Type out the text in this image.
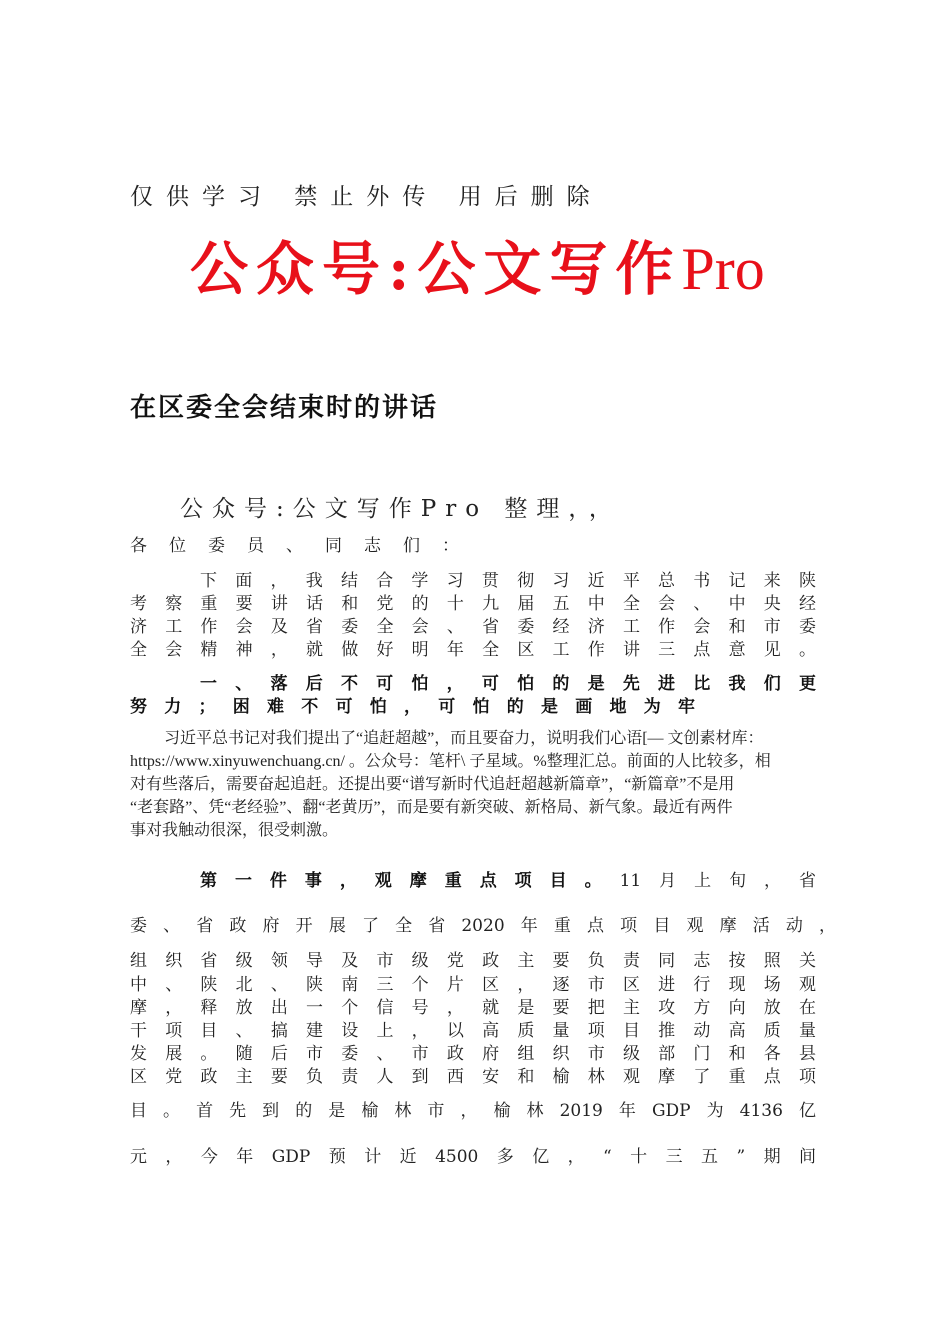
仅供学习 禁止外传 用后删除
公众号:公文写作Pro
在区委全会结束时的讲话
公众号:公文写作Pro 整理，，
各位委员、同志们：
下面，我结合学习贯彻习近平总书记来陕
考察重要讲话和党的十九届五中全会、中央经
济工作会及省委全会、省委经济工作会和市委
全会精神，就做好明年全区工作讲三点意见。
一、落后不可怕，可怕的是先进比我们更
努力；困难不可怕，可怕的是画地为牢

习近平总书记对我们提出了“追赶超越”，而且要奋力，说明我们心语[— 文创素材库：

https://www.xinyuwenchuang.cn/ 。公众号：笔杆\ 子星域。%整理汇总。前面的人比较多，相

对有些落后，需要奋起追赶。还提出要“谱写新时代追赶超越新篇章”，“新篇章”不是用

“老套路”、凭“老经验”、翻“老黄历”，而是要有新突破、新格局、新气象。最近有两件

事对我触动很深，很受刺激。

第一件事，观摩重点项目。11月上旬，省
委、省政府开展了全省2020年重点项目观摩活动，
组织省级领导及市级党政主要负责同志按照关
中、陕北、陕南三个片区，逐市区进行现场观
摩，释放出一个信号，就是要把主攻方向放在
干项目、搞建设上，以高质量项目推动高质量
发展。随后市委、市政府组织市级部门和各县
区党政主要负责人到西安和榆林观摩了重点项
目。首先到的是榆林市，榆林2019年GDP为4136亿
元，今年GDP预计近4500多亿，“十三五”期间
